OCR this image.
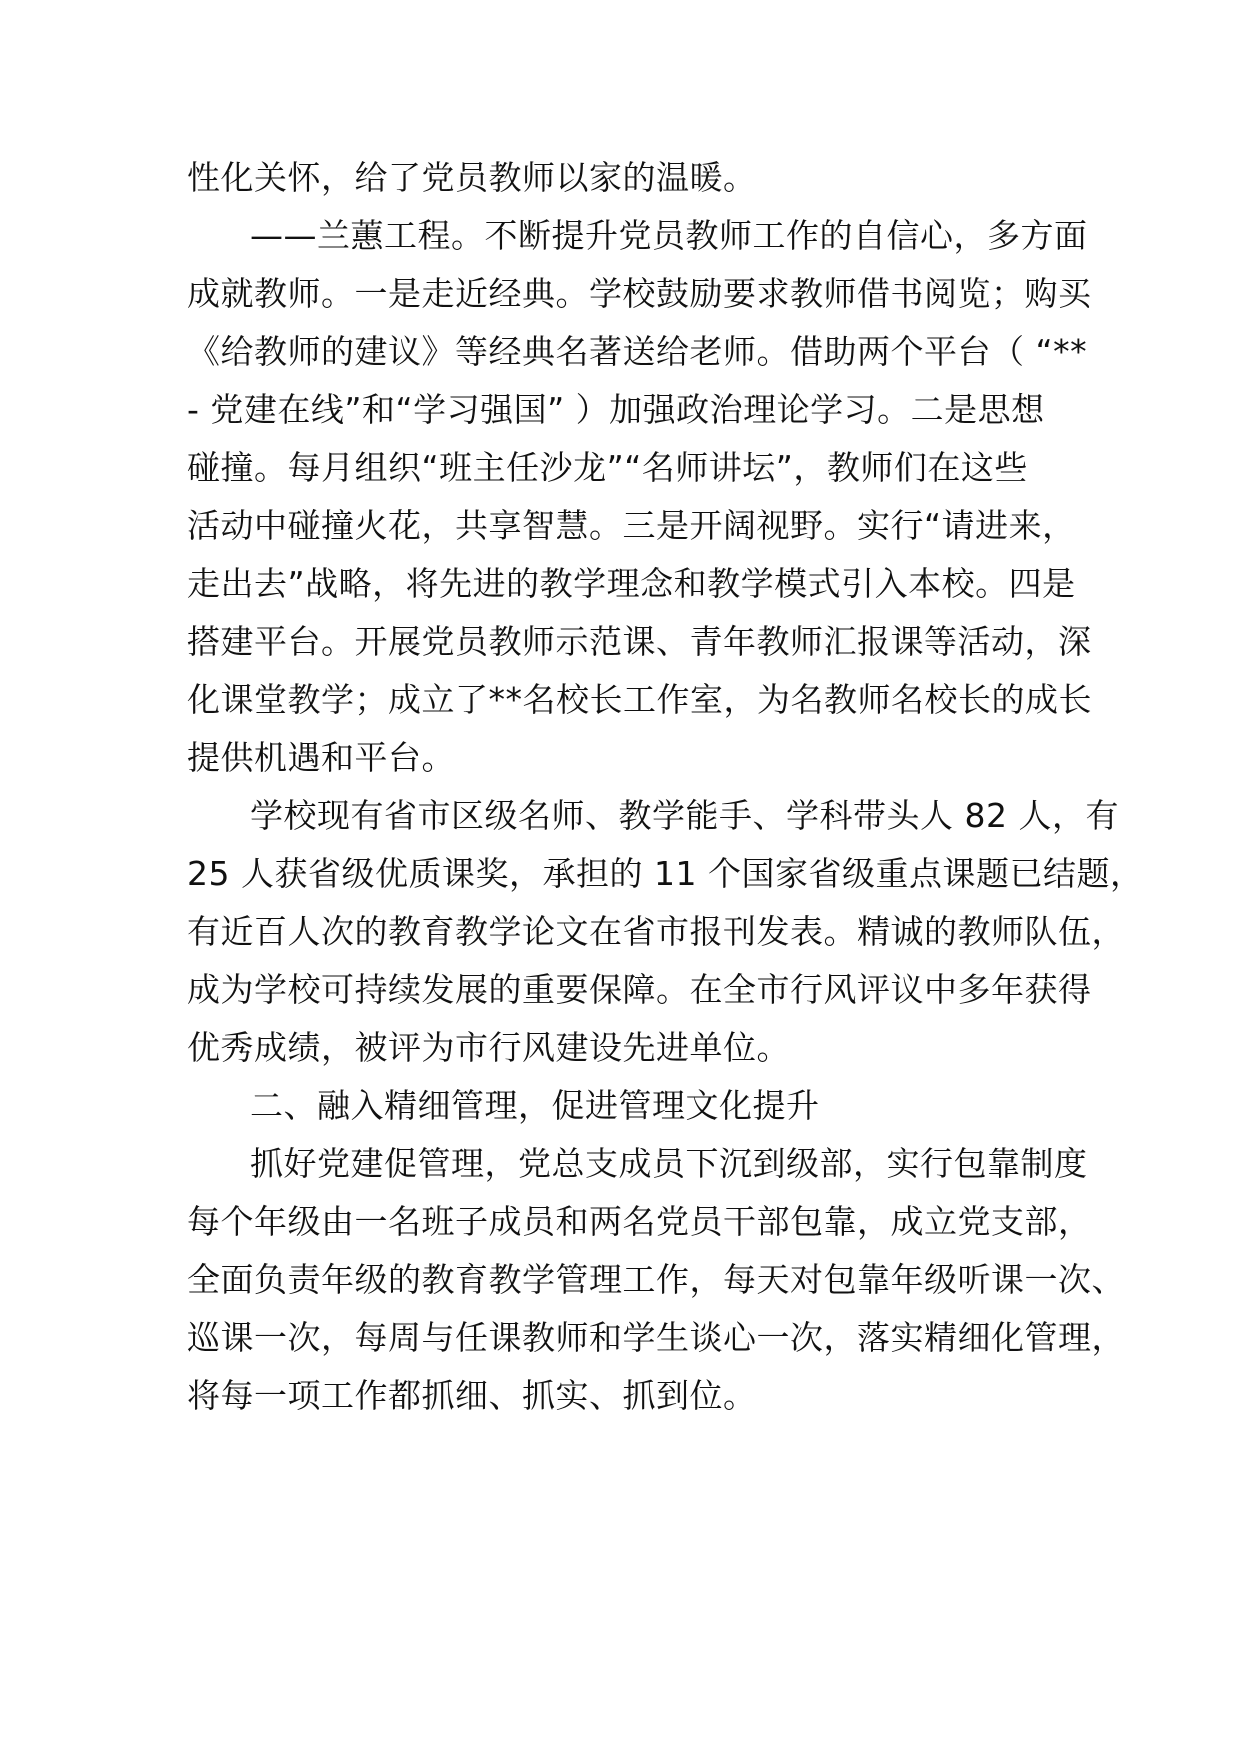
性化关怀，给了党员教师以家的温暖。
——兰蕙工程。不断提升党员教师工作的自信心，多方面
成就教师。一是走近经典。学校鼓励要求教师借书阅览；购买
《给教师的建议》等经典名著送给老师。借助两个平台（ “**
- 党建在线”和“学习强国” ）加强政治理论学习。二是思想
碰撞。每月组织“班主任沙龙”“名师讲坛”，教师们在这些
活动中碰撞火花，共享智慧。三是开阔视野。实行“请进来，
走出去”战略，将先进的教学理念和教学模式引入本校。四是
搭建平台。开展党员教师示范课、青年教师汇报课等活动，深
化课堂教学；成立了**名校长工作室，为名教师名校长的成长
提供机遇和平台。
学校现有省市区级名师、教学能手、学科带头人 82 人，有
25 人获省级优质课奖，承担的 11 个国家省级重点课题已结题，
有近百人次的教育教学论文在省市报刊发表。精诚的教师队伍，
成为学校可持续发展的重要保障。在全市行风评议中多年获得
优秀成绩，被评为市行风建设先进单位。
二、融入精细管理，促进管理文化提升
抓好党建促管理，党总支成员下沉到级部，实行包靠制度
每个年级由一名班子成员和两名党员干部包靠，成立党支部，
全面负责年级的教育教学管理工作，每天对包靠年级听课一次、
巡课一次，每周与任课教师和学生谈心一次，落实精细化管理，
将每一项工作都抓细、抓实、抓到位。
